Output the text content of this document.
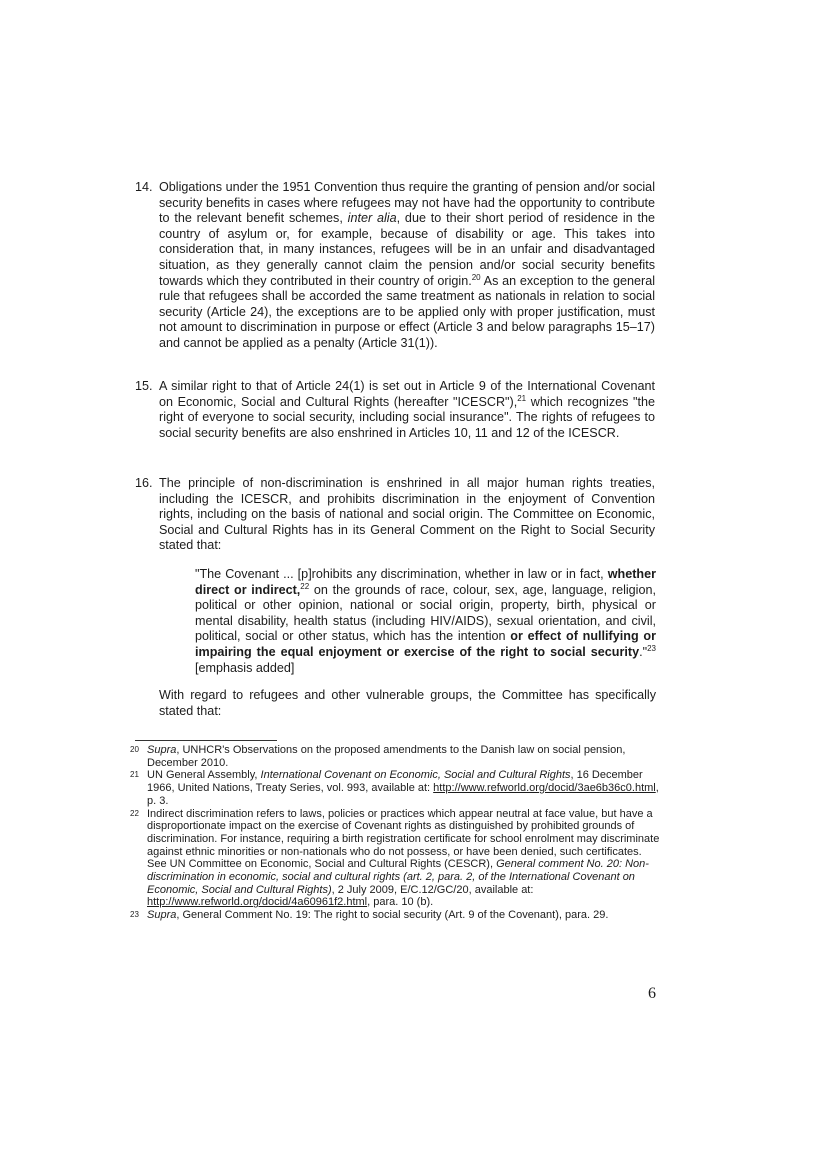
14. Obligations under the 1951 Convention thus require the granting of pension and/or social security benefits in cases where refugees may not have had the opportunity to contribute to the relevant benefit schemes, inter alia, due to their short period of residence in the country of asylum or, for example, because of disability or age. This takes into consideration that, in many instances, refugees will be in an unfair and disadvantaged situation, as they generally cannot claim the pension and/or social security benefits towards which they contributed in their country of origin.$^{20}$ As an exception to the general rule that refugees shall be accorded the same treatment as nationals in relation to social security (Article 24), the exceptions are to be applied only with proper justification, must not amount to discrimination in purpose or effect (Article 3 and below paragraphs 15–17) and cannot be applied as a penalty (Article 31(1)).
15. A similar right to that of Article 24(1) is set out in Article 9 of the International Covenant on Economic, Social and Cultural Rights (hereafter "ICESCR"),$^{21}$ which recognizes "the right of everyone to social security, including social insurance". The rights of refugees to social security benefits are also enshrined in Articles 10, 11 and 12 of the ICESCR.
16. The principle of non-discrimination is enshrined in all major human rights treaties, including the ICESCR, and prohibits discrimination in the enjoyment of Convention rights, including on the basis of national and social origin. The Committee on Economic, Social and Cultural Rights has in its General Comment on the Right to Social Security stated that:
"The Covenant ... [p]rohibits any discrimination, whether in law or in fact, whether direct or indirect,$^{22}$ on the grounds of race, colour, sex, age, language, religion, political or other opinion, national or social origin, property, birth, physical or mental disability, health status (including HIV/AIDS), sexual orientation, and civil, political, social or other status, which has the intention or effect of nullifying or impairing the equal enjoyment or exercise of the right to social security."$^{23}$ [emphasis added]
With regard to refugees and other vulnerable groups, the Committee has specifically stated that:

20 Supra, UNHCR's Observations on the proposed amendments to the Danish law on social pension, December 2010.

21 UN General Assembly, International Covenant on Economic, Social and Cultural Rights, 16 December 1966, United Nations, Treaty Series, vol. 993, available at: http://www.refworld.org/docid/3ae6b36c0.html, p. 3.

22 Indirect discrimination refers to laws, policies or practices which appear neutral at face value, but have a disproportionate impact on the exercise of Covenant rights as distinguished by prohibited grounds of discrimination. For instance, requiring a birth registration certificate for school enrolment may discriminate against ethnic minorities or non-nationals who do not possess, or have been denied, such certificates. See UN Committee on Economic, Social and Cultural Rights (CESCR), General comment No. 20: Non-discrimination in economic, social and cultural rights (art. 2, para. 2, of the International Covenant on Economic, Social and Cultural Rights), 2 July 2009, E/C.12/GC/20, available at: http://www.refworld.org/docid/4a60961f2.html, para. 10 (b).

23 Supra, General Comment No. 19: The right to social security (Art. 9 of the Covenant), para. 29.

6
